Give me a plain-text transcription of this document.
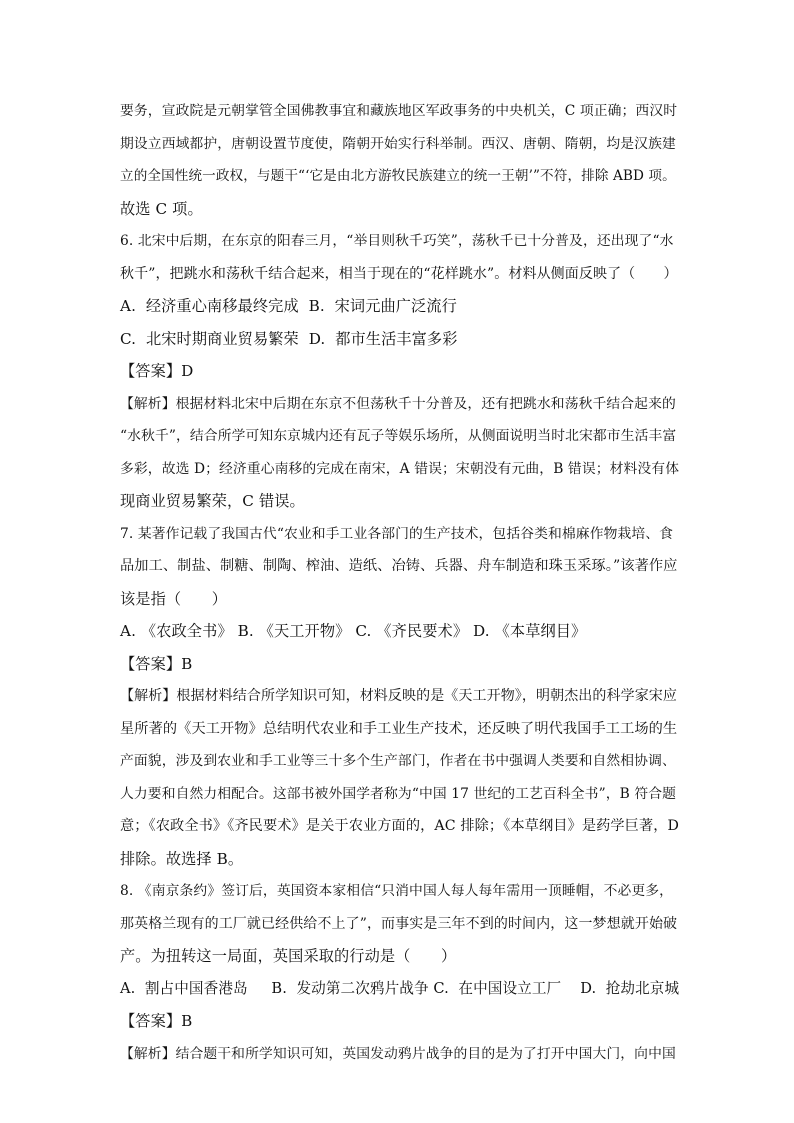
要务，宣政院是元朝掌管全国佛教事宜和藏族地区军政事务的中央机关，C 项正确；西汉时
期设立西域都护，唐朝设置节度使，隋朝开始实行科举制。西汉、唐朝、隋朝，均是汉族建
立的全国性统一政权，与题干“‘它是由北方游牧民族建立的统一王朝’”不符，排除 ABD 项。
故选 C 项。
6. 北宋中后期，在东京的阳春三月，“举目则秋千巧笑”，荡秋千已十分普及，还出现了“水
秋千”，把跳水和荡秋千结合起来，相当于现在的“花样跳水”。材料从侧面反映了（　　）
A.  经济重心南移最终完成  B.  宋词元曲广泛流行
C.  北宋时期商业贸易繁荣  D.  都市生活丰富多彩
【答案】D
【解析】根据材料北宋中后期在东京不但荡秋千十分普及，还有把跳水和荡秋千结合起来的
“水秋千”，结合所学可知东京城内还有瓦子等娱乐场所，从侧面说明当时北宋都市生活丰富
多彩，故选 D；经济重心南移的完成在南宋，A 错误；宋朝没有元曲，B 错误；材料没有体
现商业贸易繁荣，C 错误。
7. 某著作记载了我国古代“农业和手工业各部门的生产技术，包括谷类和棉麻作物栽培、食
品加工、制盐、制糖、制陶、榨油、造纸、冶铸、兵器、舟车制造和珠玉采琢。”该著作应
该是指（　　）
A. 《农政全书》 B. 《天工开物》 C. 《齐民要术》 D. 《本草纲目》
【答案】B
【解析】根据材料结合所学知识可知，材料反映的是《天工开物》，明朝杰出的科学家宋应
星所著的《天工开物》总结明代农业和手工业生产技术，还反映了明代我国手工工场的生
产面貌，涉及到农业和手工业等三十多个生产部门，作者在书中强调人类要和自然相协调、
人力要和自然力相配合。这部书被外国学者称为“中国 17 世纪的工艺百科全书”，B 符合题
意；《农政全书》《齐民要术》是关于农业方面的，AC 排除；《本草纲目》是药学巨著，D
排除。故选择 B。
8. 《南京条约》签订后，英国资本家相信“只消中国人每人每年需用一顶睡帽，不必更多，
那英格兰现有的工厂就已经供给不上了”，而事实是三年不到的时间内，这一梦想就开始破
产。为扭转这一局面，英国采取的行动是（　　）
A.  割占中国香港岛     B.  发动第二次鸦片战争 C.  在中国设立工厂    D.  抢劫北京城
【答案】B
【解析】结合题干和所学知识可知，英国发动鸦片战争的目的是为了打开中国大门，向中国
